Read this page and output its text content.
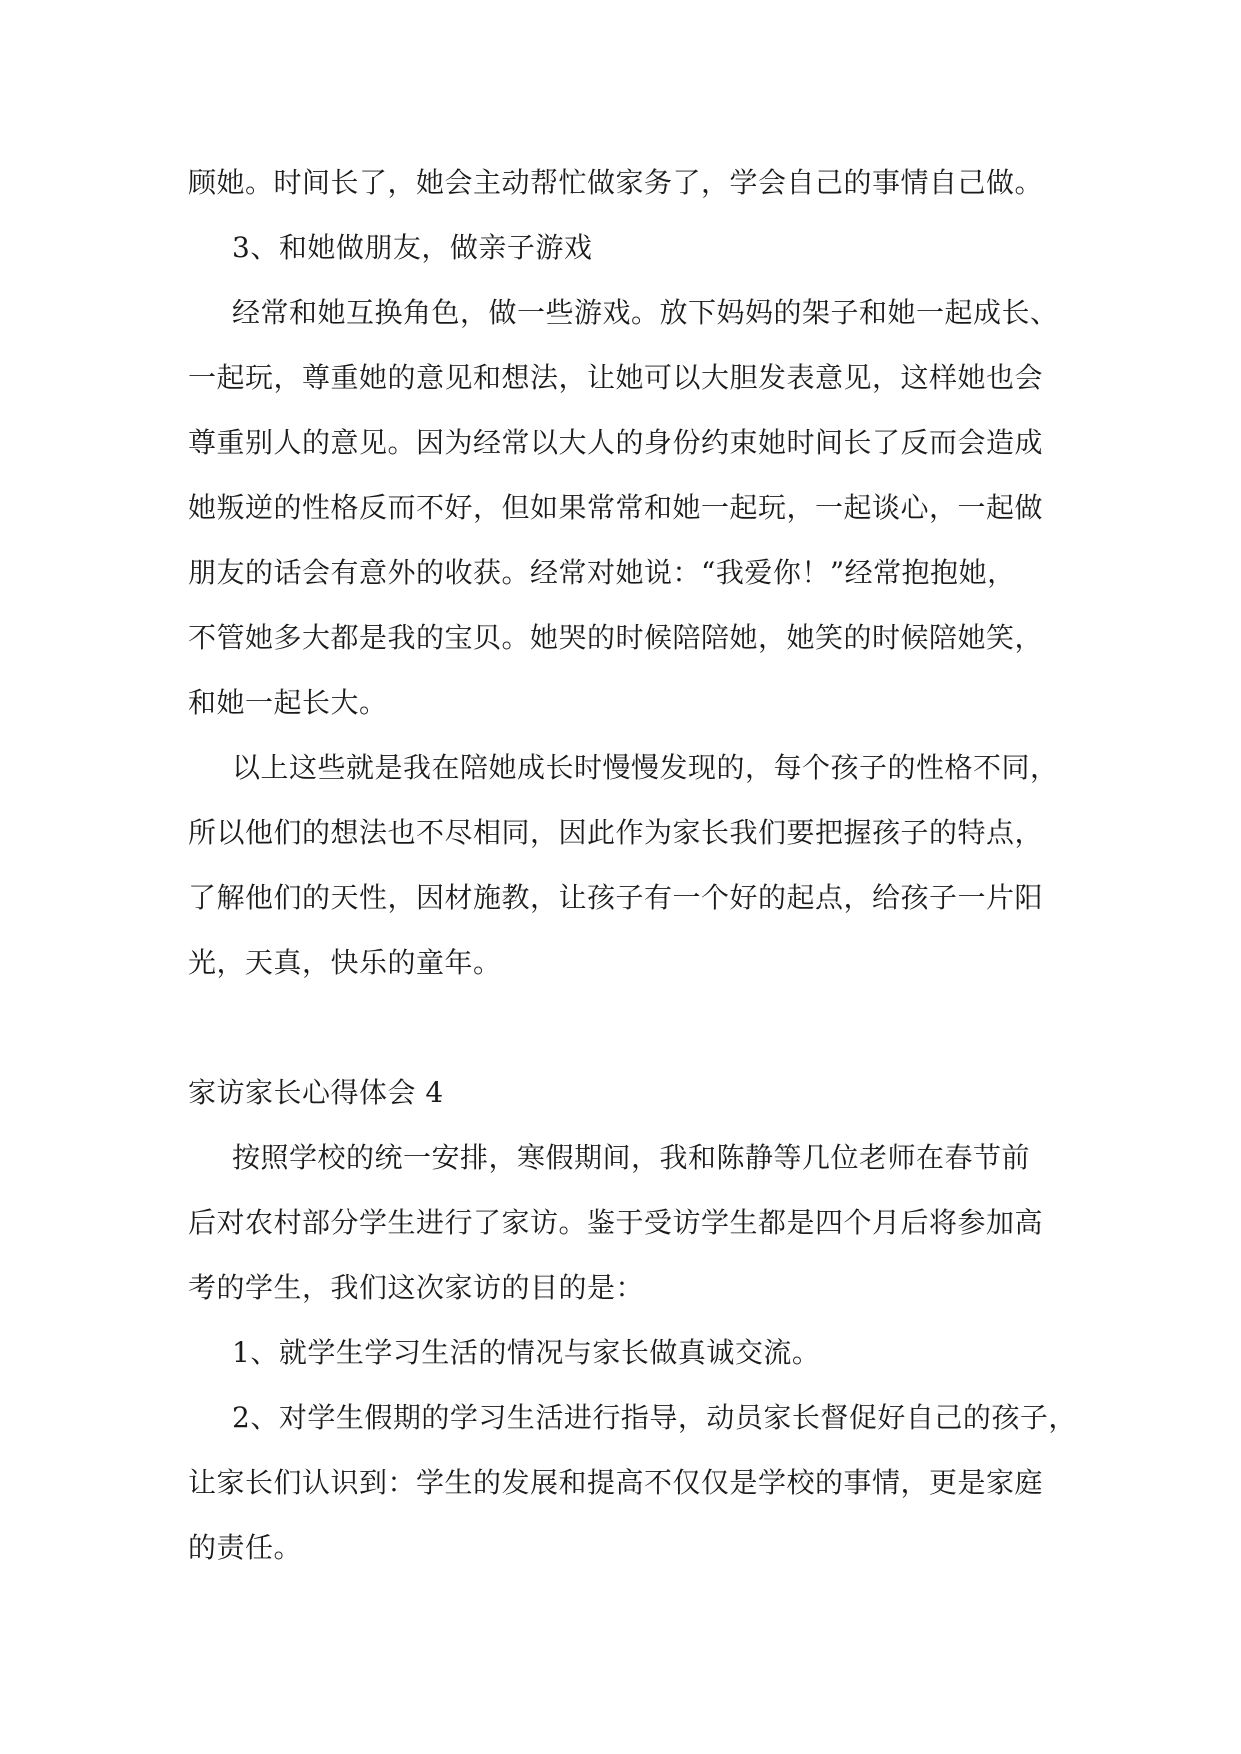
顾她。时间长了，她会主动帮忙做家务了，学会自己的事情自己做。
3、和她做朋友，做亲子游戏
经常和她互换角色，做一些游戏。放下妈妈的架子和她一起成长、
一起玩，尊重她的意见和想法，让她可以大胆发表意见，这样她也会
尊重别人的意见。因为经常以大人的身份约束她时间长了反而会造成
她叛逆的性格反而不好，但如果常常和她一起玩，一起谈心，一起做
朋友的话会有意外的收获。经常对她说：“我爱你！”经常抱抱她，
不管她多大都是我的宝贝。她哭的时候陪陪她，她笑的时候陪她笑，
和她一起长大。
以上这些就是我在陪她成长时慢慢发现的，每个孩子的性格不同，
所以他们的想法也不尽相同，因此作为家长我们要把握孩子的特点，
了解他们的天性，因材施教，让孩子有一个好的起点，给孩子一片阳
光，天真，快乐的童年。
家访家长心得体会 4
按照学校的统一安排，寒假期间，我和陈静等几位老师在春节前
后对农村部分学生进行了家访。鉴于受访学生都是四个月后将参加高
考的学生，我们这次家访的目的是：
1、就学生学习生活的情况与家长做真诚交流。
2、对学生假期的学习生活进行指导，动员家长督促好自己的孩子，
让家长们认识到：学生的发展和提高不仅仅是学校的事情，更是家庭
的责任。
